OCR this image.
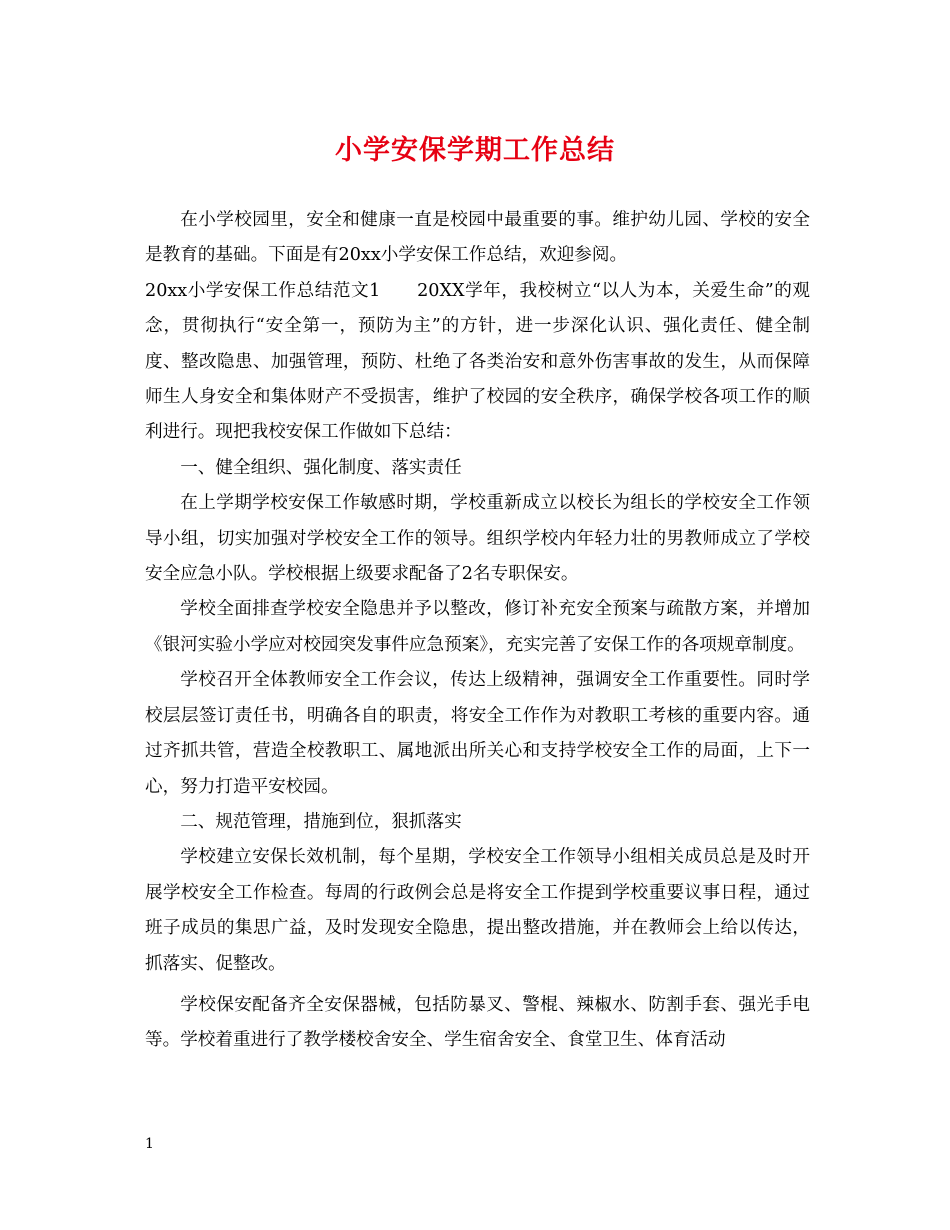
小学安保学期工作总结

在小学校园里，安全和健康一直是校园中最重要的事。维护幼儿园、学校的安全是教育的基础。下面是有20xx小学安保工作总结，欢迎参阅。

20xx小学安保工作总结范文1　　20XX学年，我校树立“以人为本，关爱生命”的观念，贯彻执行“安全第一，预防为主”的方针，进一步深化认识、强化责任、健全制度、整改隐患、加强管理，预防、杜绝了各类治安和意外伤害事故的发生，从而保障师生人身安全和集体财产不受损害，维护了校园的安全秩序，确保学校各项工作的顺利进行。现把我校安保工作做如下总结：

一、健全组织、强化制度、落实责任

在上学期学校安保工作敏感时期，学校重新成立以校长为组长的学校安全工作领导小组，切实加强对学校安全工作的领导。组织学校内年轻力壮的男教师成立了学校安全应急小队。学校根据上级要求配备了2名专职保安。

学校全面排查学校安全隐患并予以整改，修订补充安全预案与疏散方案，并增加《银河实验小学应对校园突发事件应急预案》，充实完善了安保工作的各项规章制度。

学校召开全体教师安全工作会议，传达上级精神，强调安全工作重要性。同时学校层层签订责任书，明确各自的职责，将安全工作作为对教职工考核的重要内容。通过齐抓共管，营造全校教职工、属地派出所关心和支持学校安全工作的局面，上下一心，努力打造平安校园。

二、规范管理，措施到位，狠抓落实

学校建立安保长效机制，每个星期，学校安全工作领导小组相关成员总是及时开展学校安全工作检查。每周的行政例会总是将安全工作提到学校重要议事日程，通过班子成员的集思广益，及时发现安全隐患，提出整改措施，并在教师会上给以传达，抓落实、促整改。

学校保安配备齐全安保器械，包括防暴叉、警棍、辣椒水、防割手套、强光手电等。学校着重进行了教学楼校舍安全、学生宿舍安全、食堂卫生、体育活动

1
